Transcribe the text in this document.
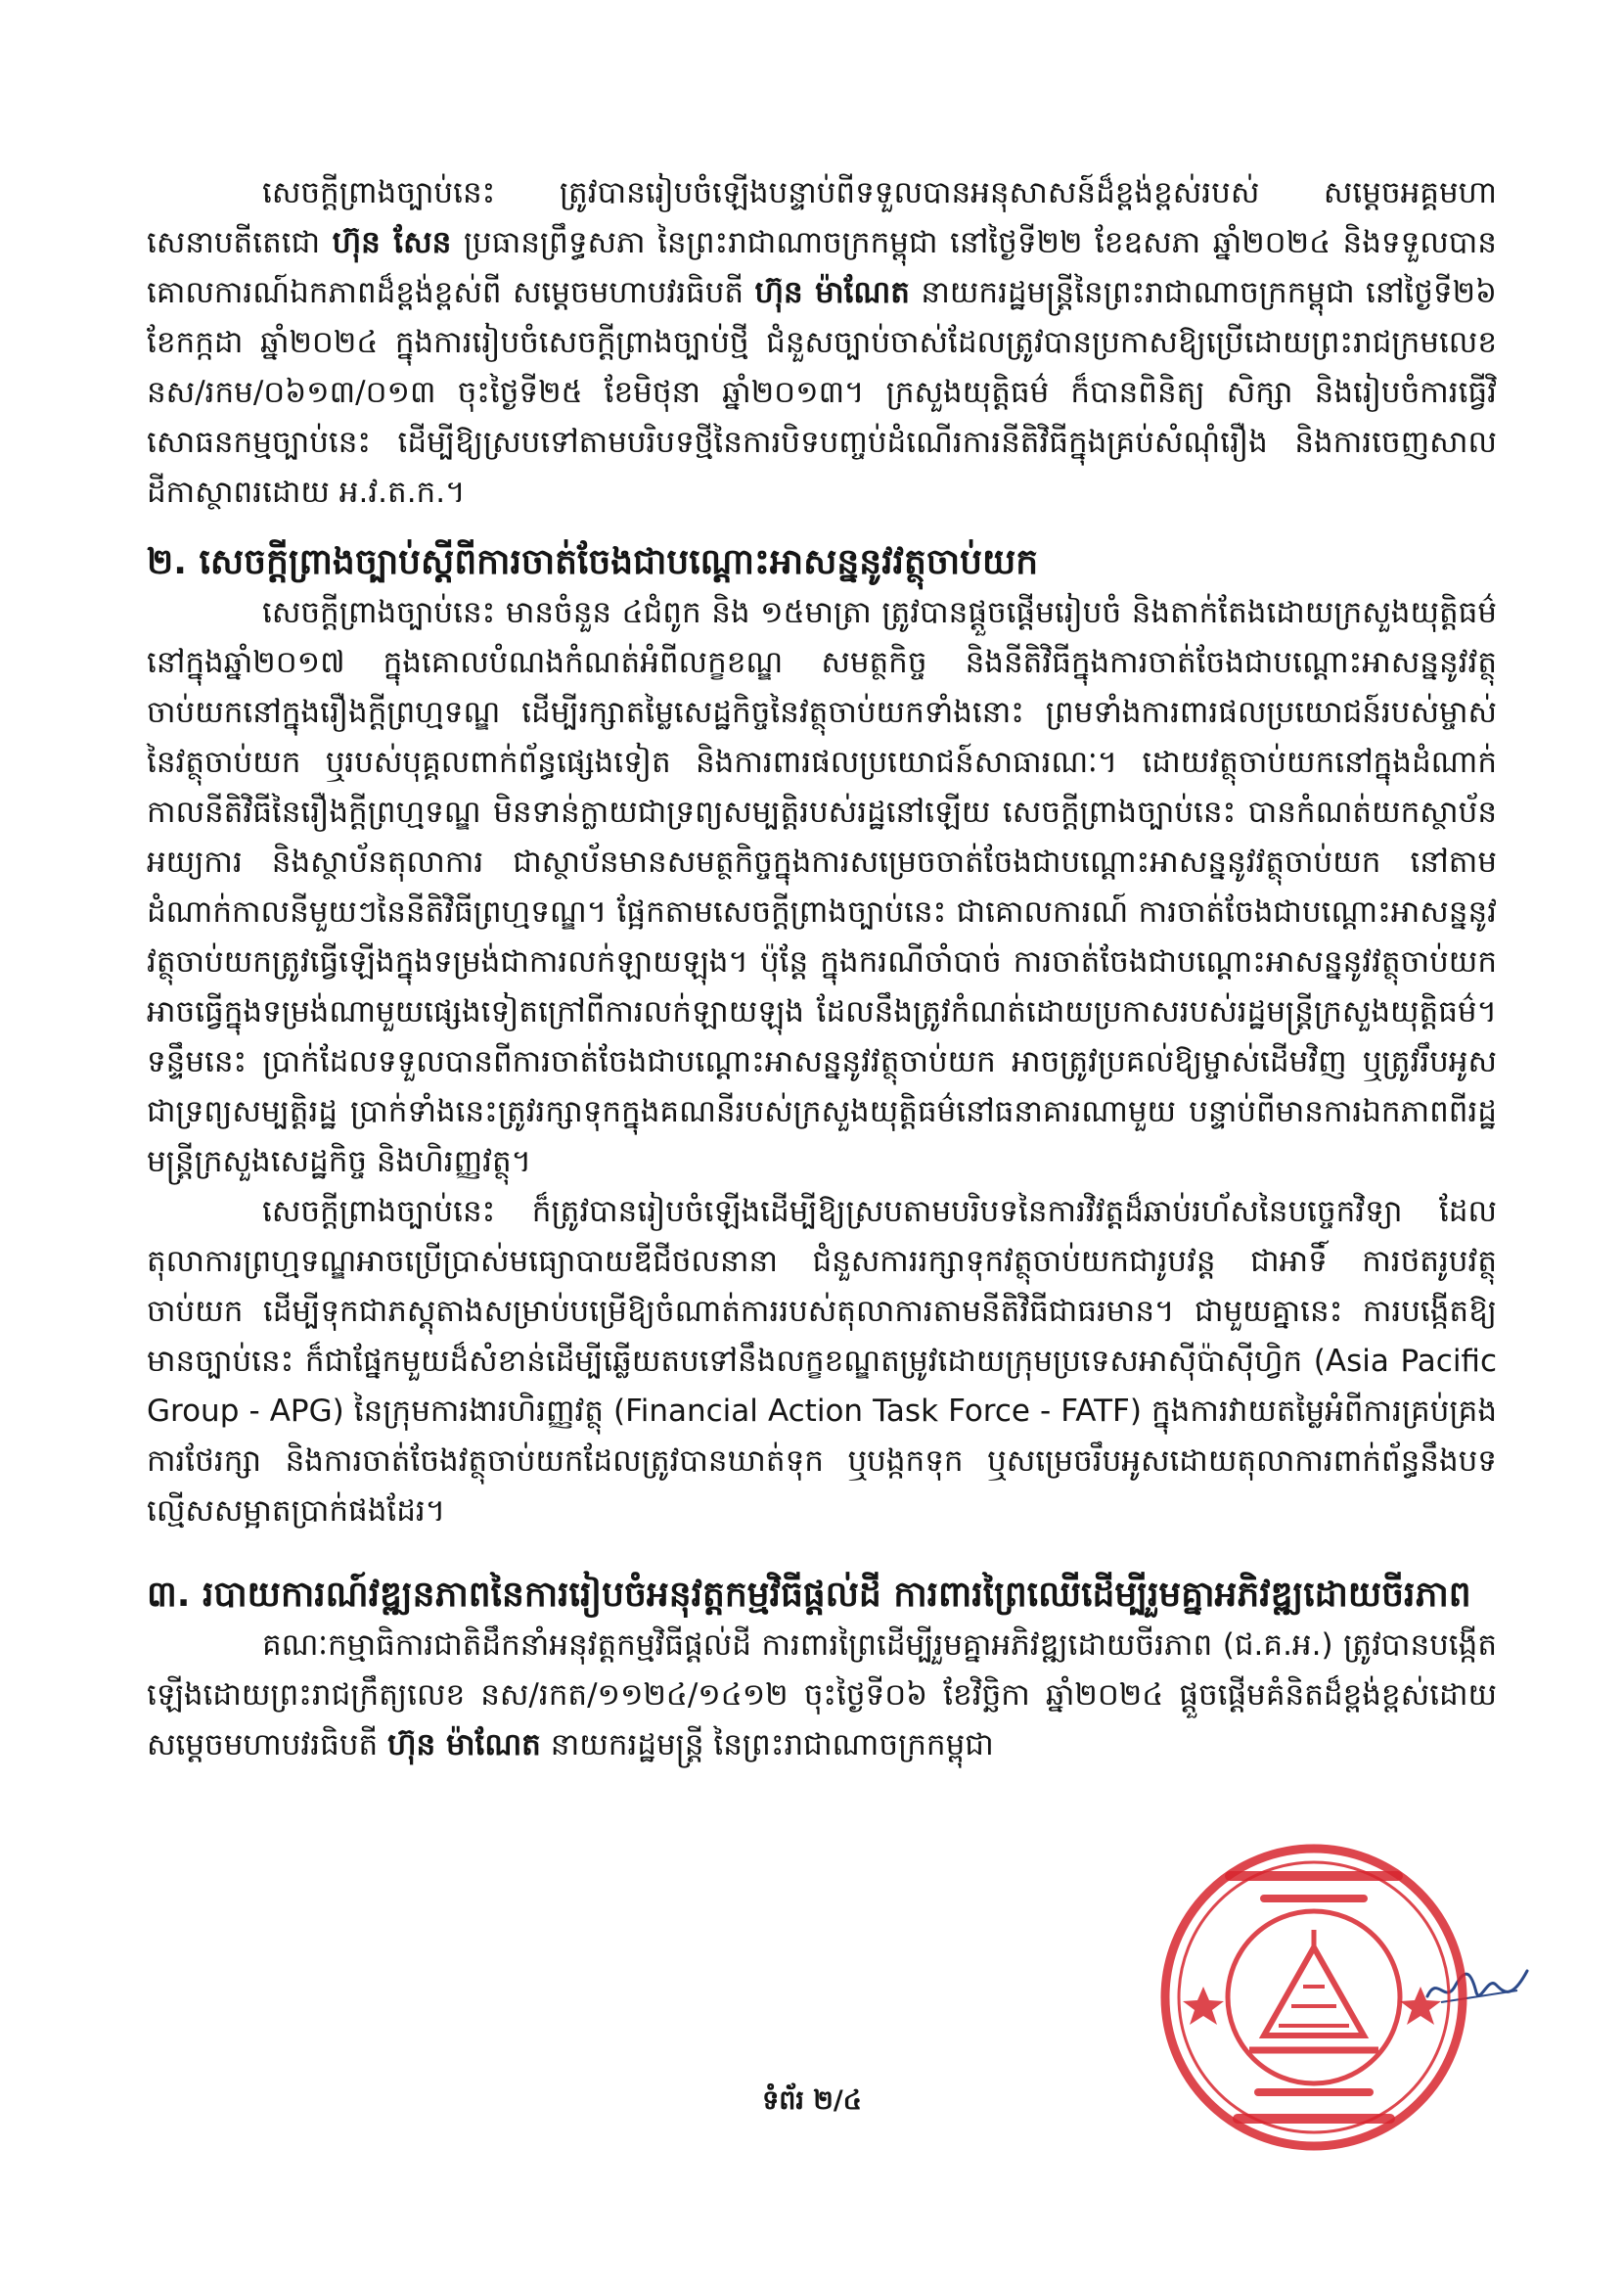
សេចក្តីព្រាងច្បាប់នេះ ត្រូវបានរៀបចំឡើងបន្ទាប់ពីទទួលបានអនុសាសន៍ដ៏ខ្ពង់ខ្ពស់របស់ សម្តេចអគ្គមហាសេនាបតីតេជោ ហ៊ុន សែន ប្រធានព្រឹទ្ធសភា នៃព្រះរាជាណាចក្រកម្ពុជា នៅថ្ងៃទី២២ ខែឧសភា ឆ្នាំ២០២៤ និងទទួលបានគោលការណ៍ឯកភាពដ៏ខ្ពង់ខ្ពស់ពី សម្តេចមហាបវរធិបតី ហ៊ុន ម៉ាណែត នាយករដ្ឋមន្ត្រីនៃព្រះរាជាណាចក្រកម្ពុជា នៅថ្ងៃទី២៦ ខែកក្កដា ឆ្នាំ២០២៤ ក្នុងការរៀបចំសេចក្តីព្រាងច្បាប់ថ្មី ជំនួសច្បាប់ចាស់ដែលត្រូវបានប្រកាសឱ្យប្រើដោយព្រះរាជក្រមលេខ នស/រកម/០៦១៣/០១៣ ចុះថ្ងៃទី២៥ ខែមិថុនា ឆ្នាំ២០១៣។ ក្រសួងយុត្តិធម៌ ក៏បានពិនិត្យ សិក្សា និងរៀបចំការធ្វើវិសោធនកម្មច្បាប់នេះ ដើម្បីឱ្យស្របទៅតាមបរិបទថ្មីនៃការបិទបញ្ចប់ដំណើរការនីតិវិធីក្នុងគ្រប់សំណុំរឿង និងការចេញសាលដីកាស្ថាពរដោយ អ.វ.ត.ក.។

២. សេចក្តីព្រាងច្បាប់ស្តីពីការចាត់ចែងជាបណ្តោះអាសន្ននូវវត្ថុចាប់យក

សេចក្តីព្រាងច្បាប់នេះ មានចំនួន ៤ជំពូក និង ១៥មាត្រា ត្រូវបានផ្តួចផ្តើមរៀបចំ និងតាក់តែងដោយក្រសួងយុត្តិធម៌ នៅក្នុងឆ្នាំ២០១៧ ក្នុងគោលបំណងកំណត់អំពីលក្ខខណ្ឌ សមត្ថកិច្ច និងនីតិវិធីក្នុងការចាត់ចែងជាបណ្តោះអាសន្ននូវវត្ថុចាប់យកនៅក្នុងរឿងក្តីព្រហ្មទណ្ឌ ដើម្បីរក្សាតម្លៃសេដ្ឋកិច្ចនៃវត្ថុចាប់យកទាំងនោះ ព្រមទាំងការពារផលប្រយោជន៍របស់ម្ចាស់នៃវត្ថុចាប់យក ឬរបស់បុគ្គលពាក់ព័ន្ធផ្សេងទៀត និងការពារផលប្រយោជន៍សាធារណៈ។ ដោយវត្ថុចាប់យកនៅក្នុងដំណាក់កាលនីតិវិធីនៃរឿងក្តីព្រហ្មទណ្ឌ មិនទាន់ក្លាយជាទ្រព្យសម្បត្តិរបស់រដ្ឋនៅឡើយ សេចក្តីព្រាងច្បាប់នេះ បានកំណត់យកស្ថាប័នអយ្យការ និងស្ថាប័នតុលាការ ជាស្ថាប័នមានសមត្ថកិច្ចក្នុងការសម្រេចចាត់ចែងជាបណ្តោះអាសន្ននូវវត្ថុចាប់យក នៅតាមដំណាក់កាលនីមួយៗនៃនីតិវិធីព្រហ្មទណ្ឌ។ ផ្អែកតាមសេចក្តីព្រាងច្បាប់នេះ ជាគោលការណ៍ ការចាត់ចែងជាបណ្តោះអាសន្ននូវវត្ថុចាប់យកត្រូវធ្វើឡើងក្នុងទម្រង់ជាការលក់ឡាយឡុង។ ប៉ុន្តែ ក្នុងករណីចាំបាច់ ការចាត់ចែងជាបណ្តោះអាសន្ននូវវត្ថុចាប់យកអាចធ្វើក្នុងទម្រង់ណាមួយផ្សេងទៀតក្រៅពីការលក់ឡាយឡុង ដែលនឹងត្រូវកំណត់ដោយប្រកាសរបស់រដ្ឋមន្ត្រីក្រសួងយុត្តិធម៌។ ទន្ទឹមនេះ ប្រាក់ដែលទទួលបានពីការចាត់ចែងជាបណ្តោះអាសន្ននូវវត្ថុចាប់យក អាចត្រូវប្រគល់ឱ្យម្ចាស់ដើមវិញ ឬត្រូវរឹបអូសជាទ្រព្យសម្បត្តិរដ្ឋ ប្រាក់ទាំងនេះត្រូវរក្សាទុកក្នុងគណនីរបស់ក្រសួងយុត្តិធម៌នៅធនាគារណាមួយ បន្ទាប់ពីមានការឯកភាពពីរដ្ឋមន្ត្រីក្រសួងសេដ្ឋកិច្ច និងហិរញ្ញវត្ថុ។

សេចក្តីព្រាងច្បាប់នេះ ក៏ត្រូវបានរៀបចំឡើងដើម្បីឱ្យស្របតាមបរិបទនៃការវិវត្តដ៏ឆាប់រហ័សនៃបច្ចេកវិទ្យា ដែលតុលាការព្រហ្មទណ្ឌអាចប្រើប្រាស់មធ្យោបាយឌីជីថលនានា ជំនួសការរក្សាទុកវត្ថុចាប់យកជារូបវន្ត ជាអាទិ៍ ការថតរូបវត្ថុចាប់យក ដើម្បីទុកជាភស្តុតាងសម្រាប់បម្រើឱ្យចំណាត់ការរបស់តុលាការតាមនីតិវិធីជាធរមាន។ ជាមួយគ្នានេះ ការបង្កើតឱ្យមានច្បាប់នេះ ក៏ជាផ្នែកមួយដ៏សំខាន់ដើម្បីឆ្លើយតបទៅនឹងលក្ខខណ្ឌតម្រូវដោយក្រុមប្រទេសអាស៊ីប៉ាស៊ីហ្វិក (Asia Pacific Group - APG) នៃក្រុមការងារហិរញ្ញវត្ថុ (Financial Action Task Force - FATF) ក្នុងការវាយតម្លៃអំពីការគ្រប់គ្រង ការថែរក្សា និងការចាត់ចែងវត្ថុចាប់យកដែលត្រូវបានឃាត់ទុក ឬបង្កកទុក ឬសម្រេចរឹបអូសដោយតុលាការពាក់ព័ន្ធនឹងបទល្មើសសម្អាតប្រាក់ផងដែរ។

៣. របាយការណ៍វឌ្ឍនភាពនៃការរៀបចំអនុវត្តកម្មវិធីផ្តល់ដី ការពារព្រៃឈើដើម្បីរួមគ្នាអភិវឌ្ឍដោយចីរភាព

គណៈកម្មាធិការជាតិដឹកនាំអនុវត្តកម្មវិធីផ្តល់ដី ការពារព្រៃដើម្បីរួមគ្នាអភិវឌ្ឍដោយចីរភាព (ជ.គ.អ.) ត្រូវបានបង្កើតឡើងដោយព្រះរាជក្រឹត្យលេខ នស/រកត/១១២៤/១៤១២ ចុះថ្ងៃទី០៦ ខែវិច្ឆិកា ឆ្នាំ២០២៤ ផ្តួចផ្តើមគំនិតដ៏ខ្ពង់ខ្ពស់ដោយ សម្តេចមហាបវរធិបតី ហ៊ុន ម៉ាណែត នាយករដ្ឋមន្ត្រី នៃព្រះរាជាណាចក្រកម្ពុជា

ទំព័រ ២/៤
